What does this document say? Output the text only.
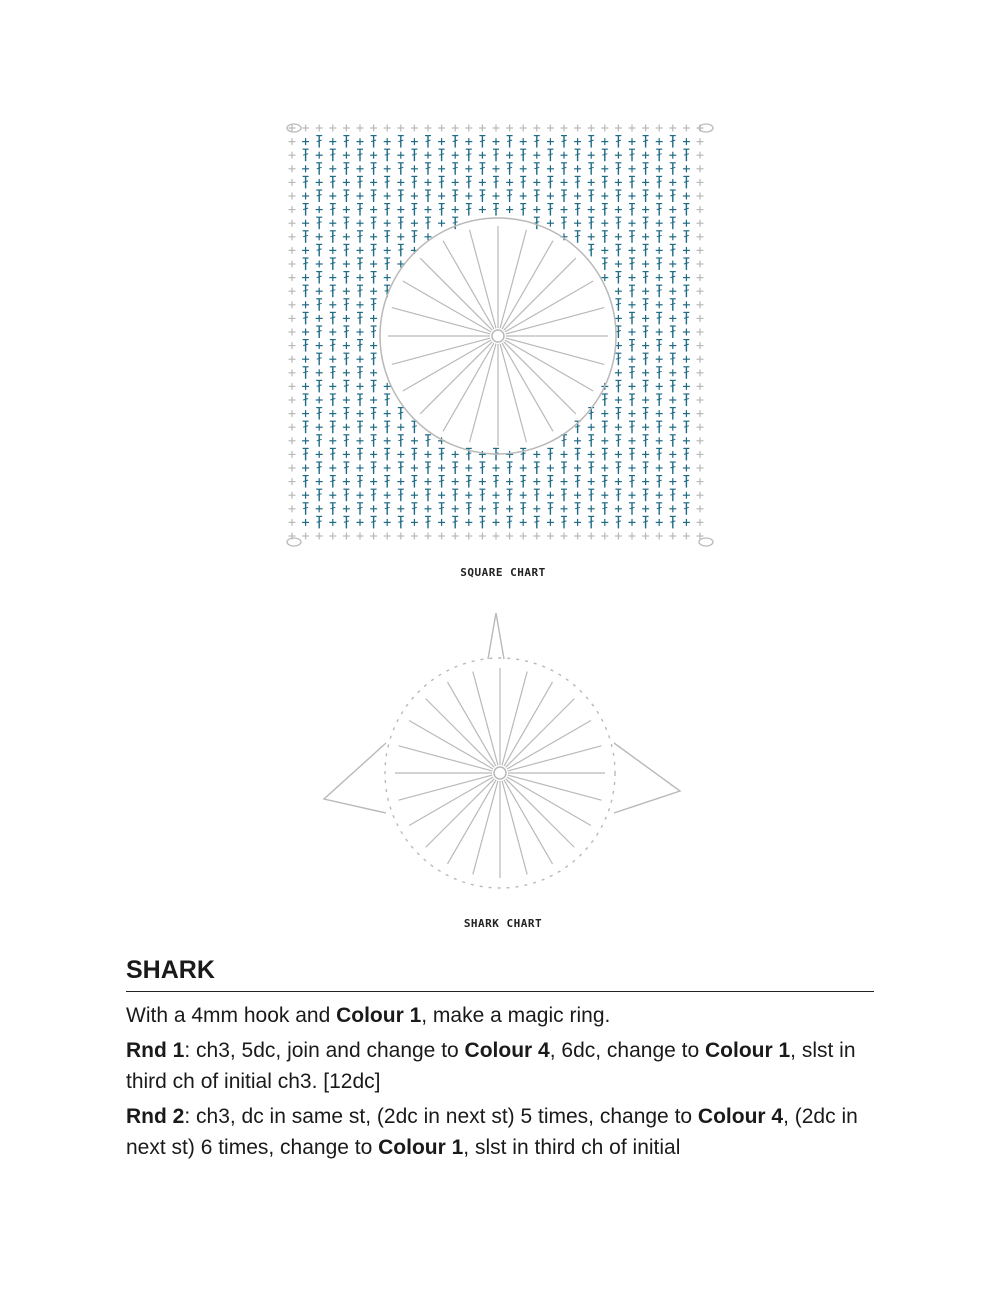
SQUARE CHART
SHARK CHART
SHARK

With a 4mm hook and Colour 1, make a magic ring.

Rnd 1: ch3, 5dc, join and change to Colour 4, 6dc, change to Colour 1, slst in third ch of initial ch3. [12dc]

Rnd 2: ch3, dc in same st, (2dc in next st) 5 times, change to Colour 4, (2dc in next st) 6 times, change to Colour 1, slst in third ch of initial
